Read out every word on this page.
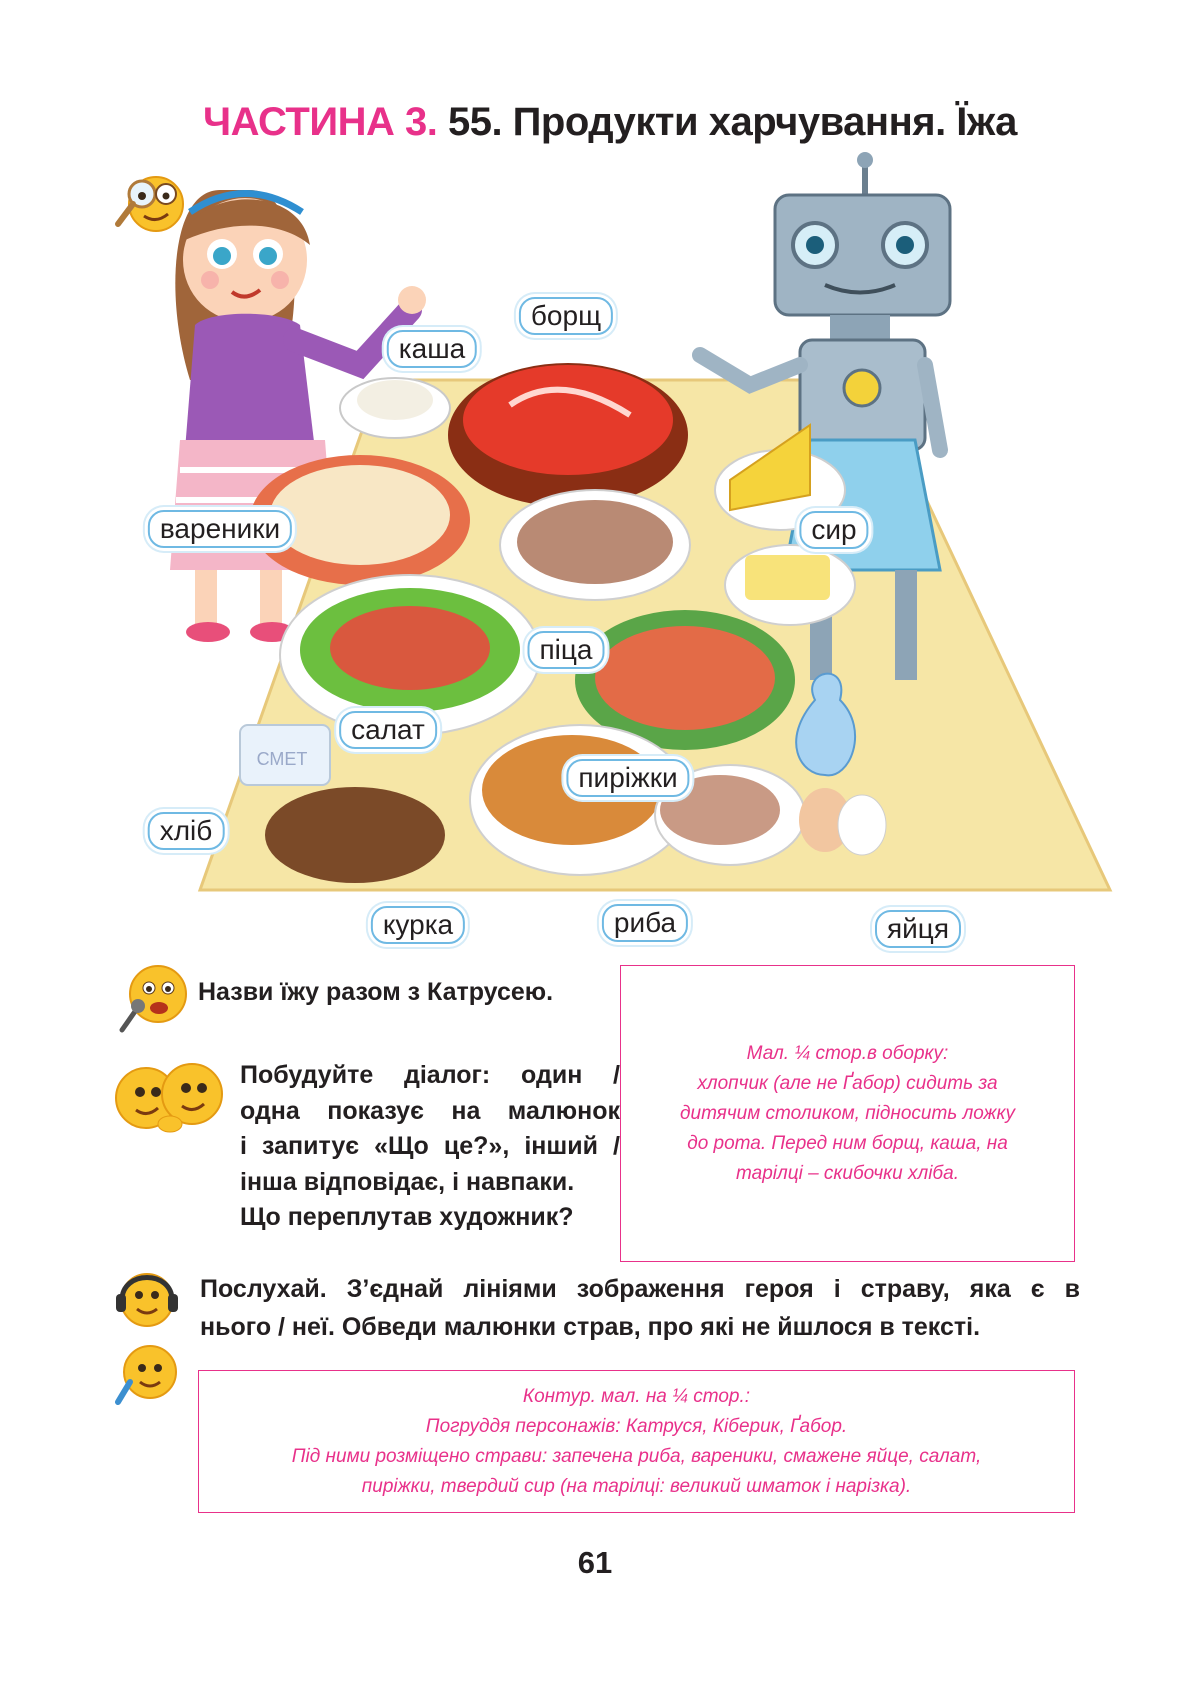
ЧАСТИНА 3. 55. Продукти харчування. Їжа
СМЕТ
борщ
каша
вареники	сир
піца
салат
пиріжки
хліб
курка	риба	яйця
Назви їжу разом з Катрусею.
Побудуйте діалог: один /
одна показує на малюнок
і запитує «Що це?», інший /
інша відповідає, і навпаки.
Що переплутав художник?
Мал. ¼ стор.в оборку:
хлопчик (але не Ґабор) сидить за
дитячим столиком, підносить ложку
до рота. Перед ним борщ, каша, на
тарілці – скибочки хліба.
Послухай. З’єднай лініями зображення героя і страву, яка є в
нього / неї. Обведи малюнки страв, про які не йшлося в тексті.
Контур. мал. на ¼ стор.:
Погруддя персонажів: Катруся, Кіберик, Ґабор.
Під ними розміщено страви: запечена риба, вареники, смажене яйце, салат,
пиріжки, твердий сир (на тарілці: великий шматок і нарізка).
61
